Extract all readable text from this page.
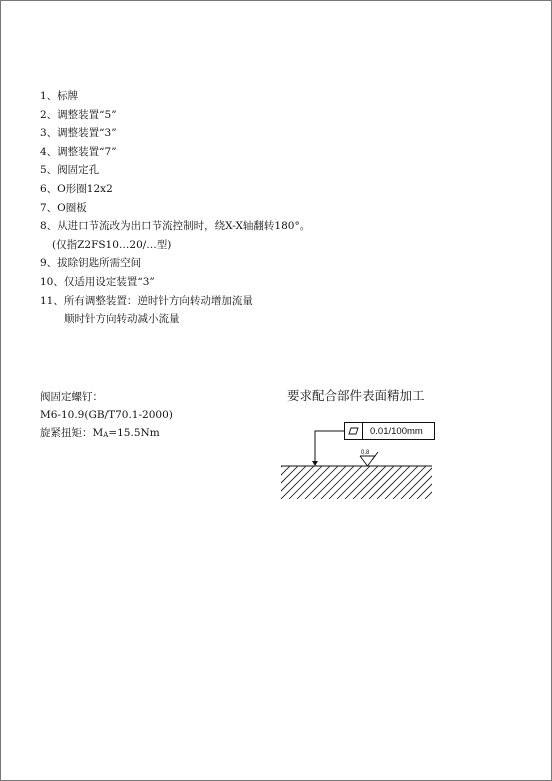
1、标牌
2、调整装置“5”
3、调整装置“3”
4、调整装置“7”
5、阀固定孔
6、O形圈12x2
7、O圈板
8、从进口节流改为出口节流控制时，绕X-X轴翻转180°。
(仅指Z2FS10…20/…型)
9、拔除钥匙所需空间
10、仅适用设定装置“3”
11、所有调整装置：逆时针方向转动增加流量
顺时针方向转动减小流量
阀固定螺钉：
M6-10.9(GB/T70.1-2000)
旋紧扭矩：MA=15.5Nm
要求配合部件表面精加工
0.01/100mm
0.8
